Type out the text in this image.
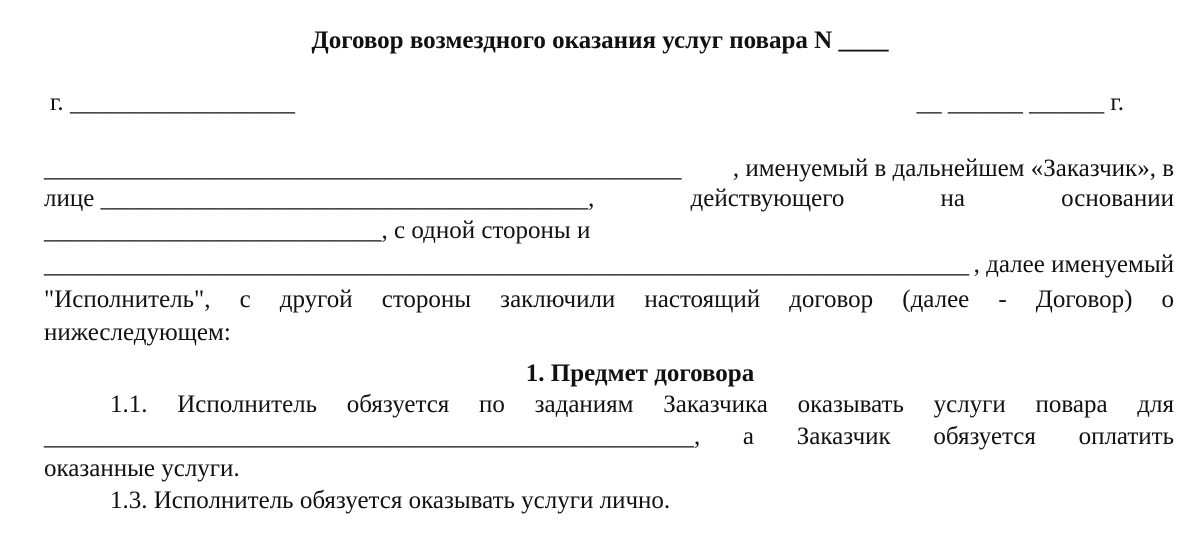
Договор возмездного оказания услуг повара N ____
г. __________________	__ ______ ______ г.
___________________________________________________ , именуемый в дальнейшем «Заказчик», в
лице _______________________________________,	действующего	на	основании
___________________________, с одной стороны и
__________________________________________________________________________ , далее именуемый
"Исполнитель", с другой стороны заключили настоящий договор (далее - Договор) о
нижеследующем:
1. Предмет договора
1.1. Исполнитель обязуется по заданиям Заказчика оказывать услуги повара для
____________________________________________________, а Заказчик обязуется оплатить
оказанные услуги.
1.3. Исполнитель обязуется оказывать услуги лично.
